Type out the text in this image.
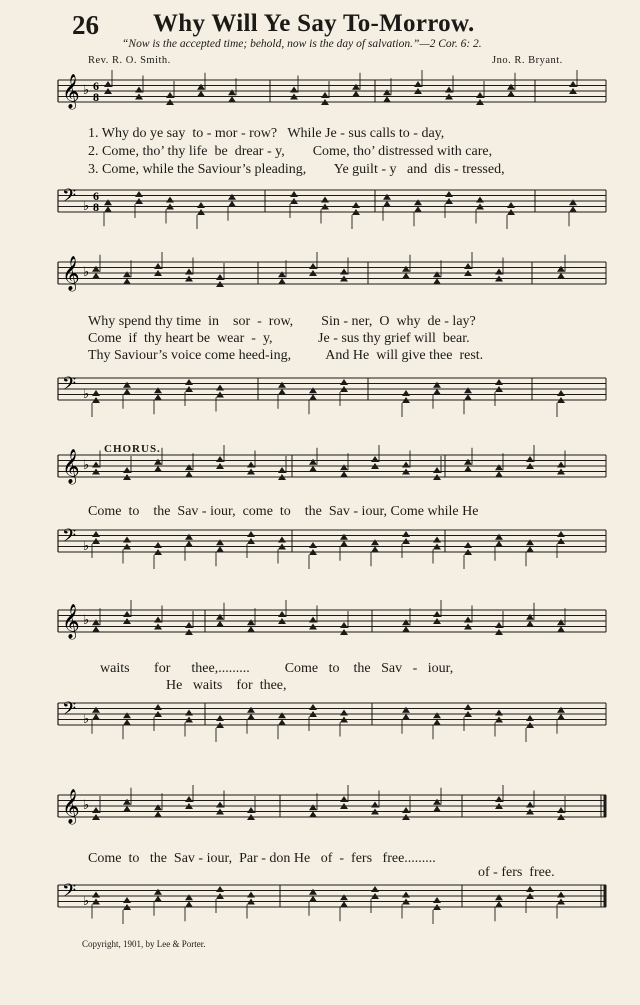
26 Why Will Ye Say To-Morrow.
“Now is the accepted time; behold, now is the day of salvation.”—2 Cor. 6: 2.
Rev. R. O. Smith.	Jno. R. Bryant.
𝄞 ♭ 6
8
𝄢 ♭
6
8
𝄞 ♭
𝄢 ♭
𝄞 ♭
𝄢 ♭
𝄞 ♭
𝄢 ♭
𝄞 ♭
𝄢 ♭
1. Why do ye say  to - mor - row?   While Je - sus calls to - day,
2. Come, tho’ thy life  be  drear - y,        Come, tho’ distressed with care,
3. Come, while the Saviour’s pleading,        Ye guilt - y   and  dis - tressed,
Why spend thy time  in    sor  -  row,        Sin - ner,  O  why  de - lay?
Come  if  thy heart be  wear  -  y,             Je - sus thy grief will  bear.
Thy Saviour’s voice come heed-ing,          And He  will give thee  rest.
CHORUS.
Come  to    the  Sav - iour,  come  to    the  Sav - iour, Come while He
waits       for      thee,.........          Come   to    the   Sav   -   iour,
He   waits    for  thee,
Come  to   the  Sav - iour,  Par - don He   of  -  fers   free.........
of - fers  free.
Copyright, 1901, by Lee & Porter.
